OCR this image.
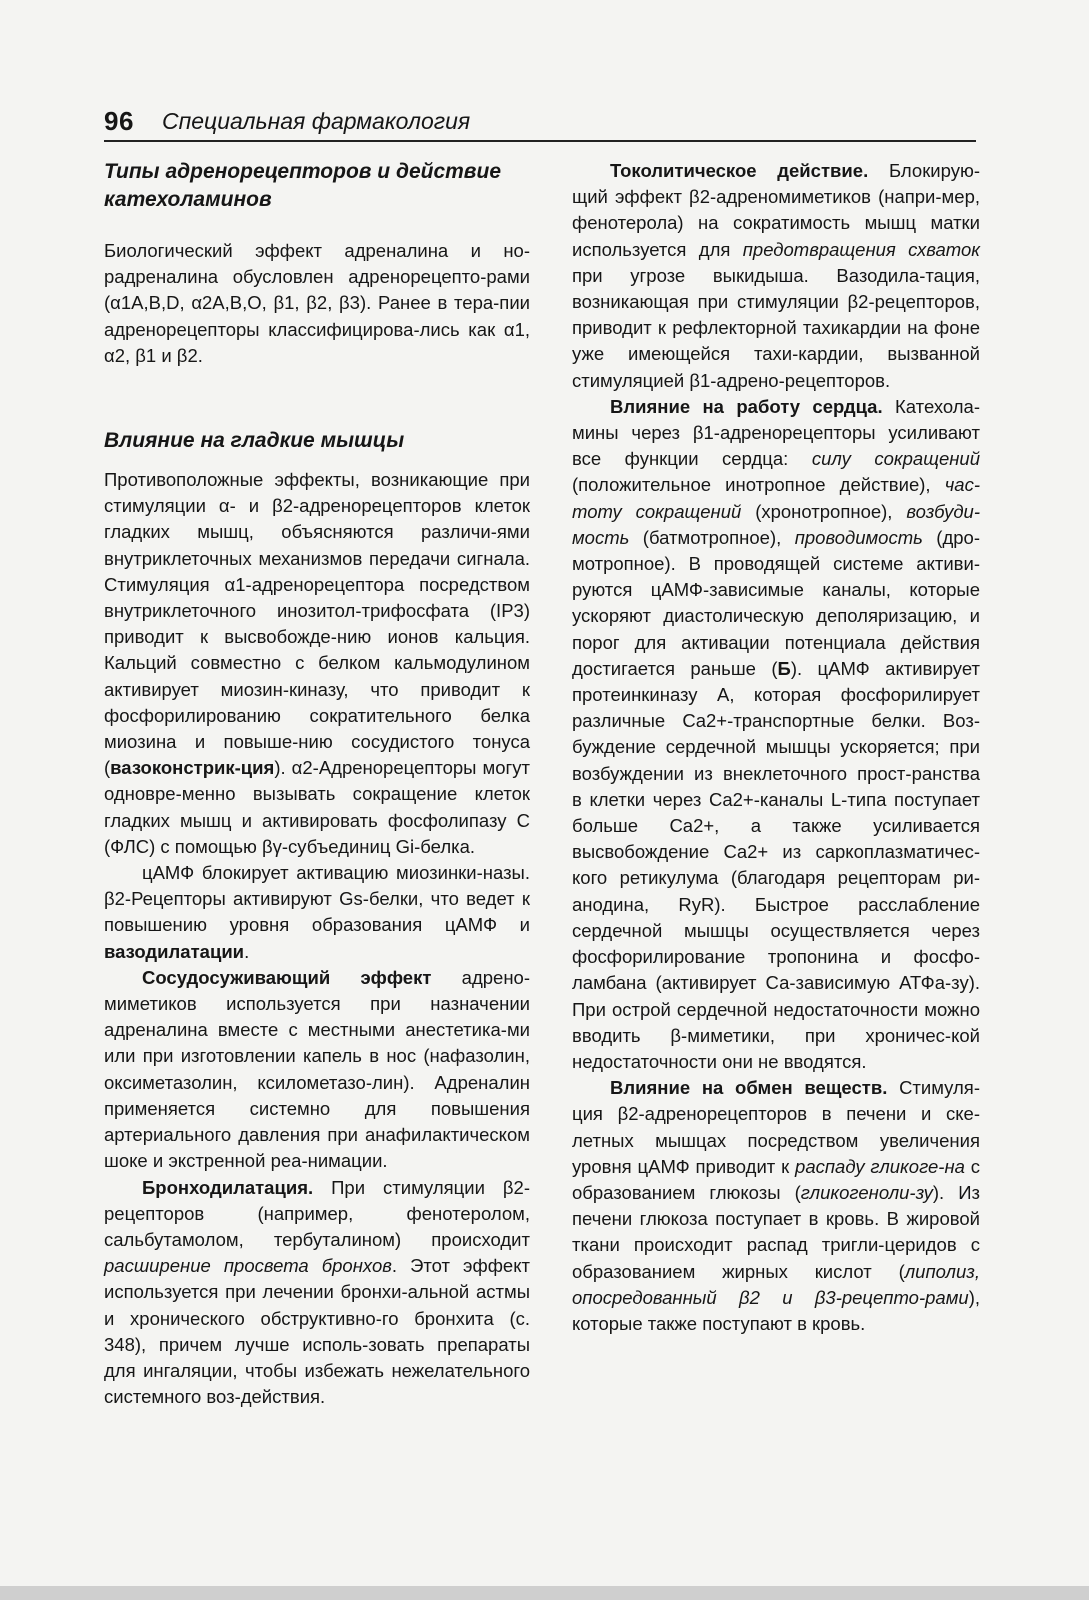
96 Специальная фармакология
Типы адренорецепторов и действие катехоламинов

Биологический эффект адреналина и но-радреналина обусловлен адренорецепто-рами (α1A,B,D, α2A,B,O, β1, β2, β3). Ранее в тера-пии адренорецепторы классифицирова-лись как α1, α2, β1 и β2.

Влияние на гладкие мышцы

Противоположные эффекты, возникающие при стимуляции α- и β2-адренорецепторов клеток гладких мышц, объясняются различи-ями внутриклеточных механизмов передачи сигнала. Стимуляция α1-адренорецептора посредством внутриклеточного инозитол-трифосфата (IP3) приводит к высвобожде-нию ионов кальция. Кальций совместно с белком кальмодулином активирует миозин-киназу, что приводит к фосфорилированию сократительного белка миозина и повыше-нию сосудистого тонуса (вазоконстрик-ция). α2-Адренорецепторы могут одновре-менно вызывать сокращение клеток гладких мышц и активировать фосфолипазу С (ФЛС) с помощью βγ-субъединиц Gi-белка.

цАМФ блокирует активацию миозинки-назы. β2-Рецепторы активируют Gs-белки, что ведет к повышению уровня образования цАМФ и вазодилатации.

Сосудосуживающий эффект адрено-миметиков используется при назначении адреналина вместе с местными анестетика-ми или при изготовлении капель в нос (нафазолин, оксиметазолин, ксилометазо-лин). Адреналин применяется системно для повышения артериального давления при анафилактическом шоке и экстренной реа-нимации.

Бронходилатация. При стимуляции β2-рецепторов (например, фенотеролом, сальбутамолом, тербуталином) происходит расширение просвета бронхов. Этот эффект используется при лечении бронхи-альной астмы и хронического обструктивно-го бронхита (с. 348), причем лучше исполь-зовать препараты для ингаляции, чтобы избежать нежелательного системного воз-действия.

Токолитическое действие. Блокирую-щий эффект β2-адреномиметиков (напри-мер, фенотерола) на сократимость мышц матки используется для предотвращения схваток при угрозе выкидыша. Вазодила-тация, возникающая при стимуляции β2-рецепторов, приводит к рефлекторной тахикардии на фоне уже имеющейся тахи-кардии, вызванной стимуляцией β1-адрено-рецепторов.

Влияние на работу сердца. Катехола-мины через β1-адренорецепторы усиливают все функции сердца: силу сокращений (положительное инотропное действие), час-тоту сокращений (хронотропное), возбуди-мость (батмотропное), проводимость (дро-мотропное). В проводящей системе активи-руются цАМФ-зависимые каналы, которые ускоряют диастолическую деполяризацию, и порог для активации потенциала действия достигается раньше (Б). цАМФ активирует протеинкиназу А, которая фосфорилирует различные Ca2+-транспортные белки. Воз-буждение сердечной мышцы ускоряется; при возбуждении из внеклеточного прост-ранства в клетки через Ca2+-каналы L-типа поступает больше Ca2+, а также усиливается высвобождение Ca2+ из саркоплазматичес-кого ретикулума (благодаря рецепторам ри-анодина, RyR). Быстрое расслабление сердечной мышцы осуществляется через фосфорилирование тропонина и фосфо-ламбана (активирует Са-зависимую АТФа-зу). При острой сердечной недостаточности можно вводить β-миметики, при хроничес-кой недостаточности они не вводятся.

Влияние на обмен веществ. Стимуля-ция β2-адренорецепторов в печени и ске-летных мышцах посредством увеличения уровня цАМФ приводит к распаду гликоге-на с образованием глюкозы (гликогеноли-зу). Из печени глюкоза поступает в кровь. В жировой ткани происходит распад тригли-церидов с образованием жирных кислот (липолиз, опосредованный β2 и β3-рецепто-рами), которые также поступают в кровь.
